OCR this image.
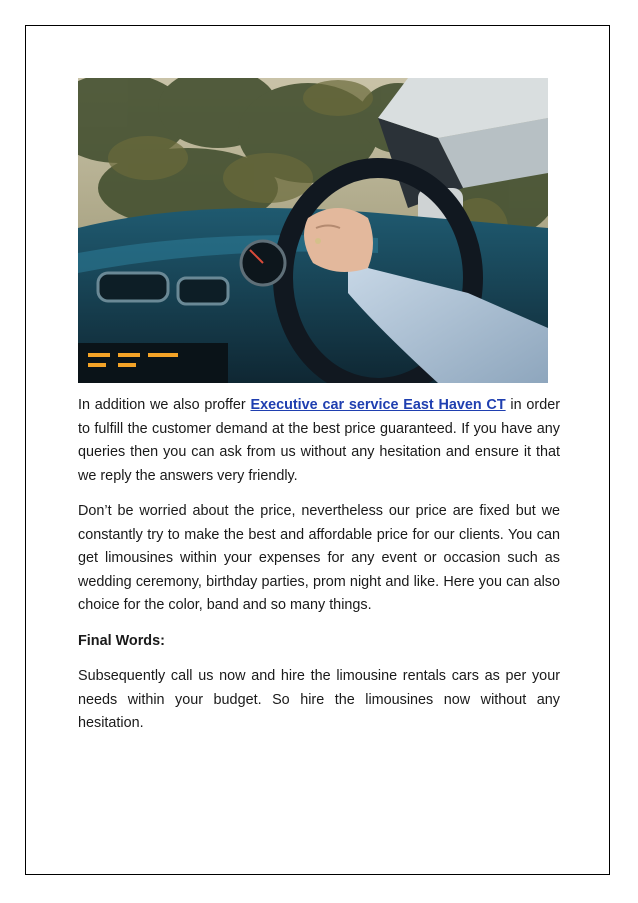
In addition we also proffer Executive car service East Haven CT in order to fulfill the customer demand at the best price guaranteed. If you have any queries then you can ask from us without any hesitation and ensure it that we reply the answers very friendly.

Don’t be worried about the price, nevertheless our price are fixed but we constantly try to make the best and affordable price for our clients. You can get limousines within your expenses for any event or occasion such as wedding ceremony, birthday parties, prom night and like. Here you can also choice for the color, band and so many things.

Final Words:

Subsequently call us now and hire the limousine rentals cars as per your needs within your budget. So hire the limousines now without any hesitation.
